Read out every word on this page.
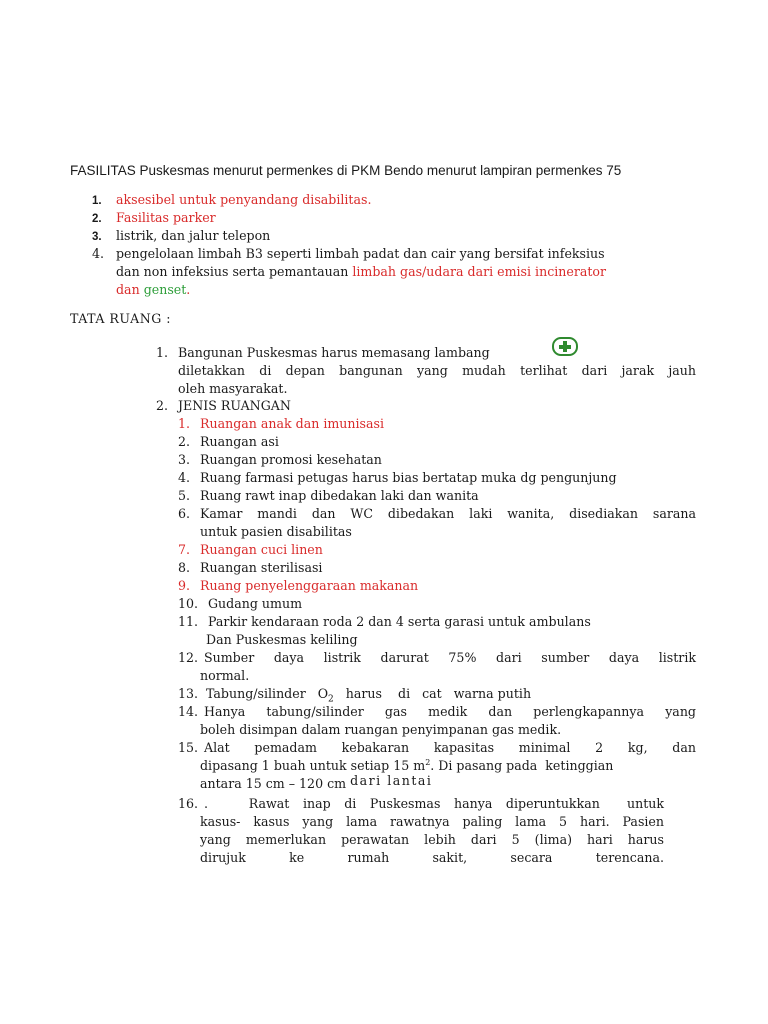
FASILITAS Puskesmas menurut permenkes di PKM Bendo menurut lampiran permenkes 75
1. aksesibel untuk penyandang disabilitas.
2. Fasilitas parker
3. listrik, dan jalur telepon
4. pengelolaan limbah B3 seperti limbah padat dan cair yang bersifat infeksius
dan non infeksius serta pemantauan limbah gas/udara dari emisi incinerator
dan genset.
TATA RUANG :
1. Bangunan Puskesmas harus memasang lambang
diletakkan di depan bangunan yang mudah terlihat dari jarak jauh
oleh masyarakat.
2. JENIS RUANGAN
1. Ruangan anak dan imunisasi
2. Ruangan asi
3. Ruangan promosi kesehatan
4. Ruang farmasi petugas harus bias bertatap muka dg pengunjung
5. Ruang rawt inap dibedakan laki dan wanita
6. Kamar mandi dan WC dibedakan laki wanita, disediakan sarana
untuk pasien disabilitas
7. Ruangan cuci linen
8. Ruangan sterilisasi
9. Ruang penyelenggaraan makanan
10. Gudang umum
11. Parkir kendaraan roda 2 dan 4 serta garasi untuk ambulans
Dan Puskesmas keliling
12. Sumber daya listrik darurat 75% dari sumber daya listrik
normal.
13. Tabung/silinder   $O_2$   harus    di   cat   warna putih
14. Hanya tabung/silinder gas medik dan perlengkapannya yang
boleh disimpan dalam ruangan penyimpanan gas medik.
15. Alat pemadam kebakaran kapasitas minimal 2 kg, dan
dipasang 1 buah untuk setiap 15 $m^2$. Di pasang pada  ketinggian
antara 15 cm – 120 cm dari lantai
16. .   Rawat inap di Puskesmas hanya diperuntukkan  untuk
kasus- kasus yang lama rawatnya paling lama 5 hari. Pasien
yang memerlukan perawatan lebih dari 5 (lima) hari harus
dirujuk ke rumah sakit, secara terencana.
